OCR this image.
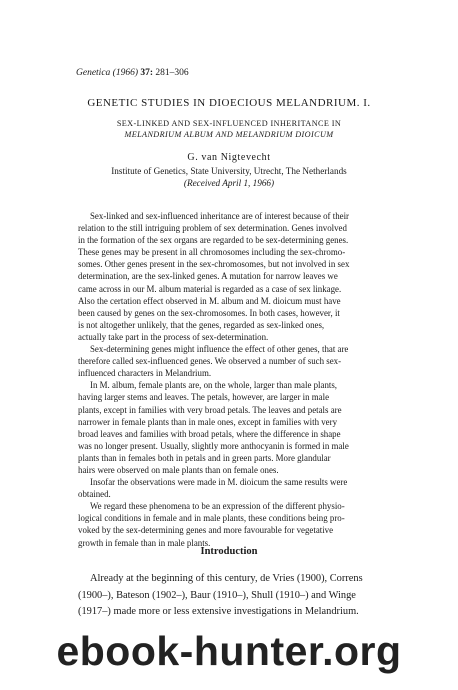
Genetica (1966) 37: 281–306
GENETIC STUDIES IN DIOECIOUS MELANDRIUM. I.
SEX-LINKED AND SEX-INFLUENCED INHERITANCE IN
MELANDRIUM ALBUM AND MELANDRIUM DIOICUM
G. van Nigtevecht
Institute of Genetics, State University, Utrecht, The Netherlands
(Received April 1, 1966)
Sex-linked and sex-influenced inheritance are of interest because of their
relation to the still intriguing problem of sex determination. Genes involved
in the formation of the sex organs are regarded to be sex-determining genes.
These genes may be present in all chromosomes including the sex-chromo-
somes. Other genes present in the sex-chromosomes, but not involved in sex
determination, are the sex-linked genes. A mutation for narrow leaves we
came across in our M. album material is regarded as a case of sex linkage.
Also the certation effect observed in M. album and M. dioicum must have
been caused by genes on the sex-chromosomes. In both cases, however, it
is not altogether unlikely, that the genes, regarded as sex-linked ones,
actually take part in the process of sex-determination.
Sex-determining genes might influence the effect of other genes, that are
therefore called sex-influenced genes. We observed a number of such sex-
influenced characters in Melandrium.
In M. album, female plants are, on the whole, larger than male plants,
having larger stems and leaves. The petals, however, are larger in male
plants, except in families with very broad petals. The leaves and petals are
narrower in female plants than in male ones, except in families with very
broad leaves and families with broad petals, where the difference in shape
was no longer present. Usually, slightly more anthocyanin is formed in male
plants than in females both in petals and in green parts. More glandular
hairs were observed on male plants than on female ones.
Insofar the observations were made in M. dioicum the same results were
obtained.
We regard these phenomena to be an expression of the different physio-
logical conditions in female and in male plants, these conditions being pro-
voked by the sex-determining genes and more favourable for vegetative
growth in female than in male plants.
Introduction
Already at the beginning of this century, de Vries (1900), Correns
(1900–), Bateson (1902–), Baur (1910–), Shull (1910–) and Winge
(1917–) made more or less extensive investigations in Melandrium.
ebook-hunter.org
